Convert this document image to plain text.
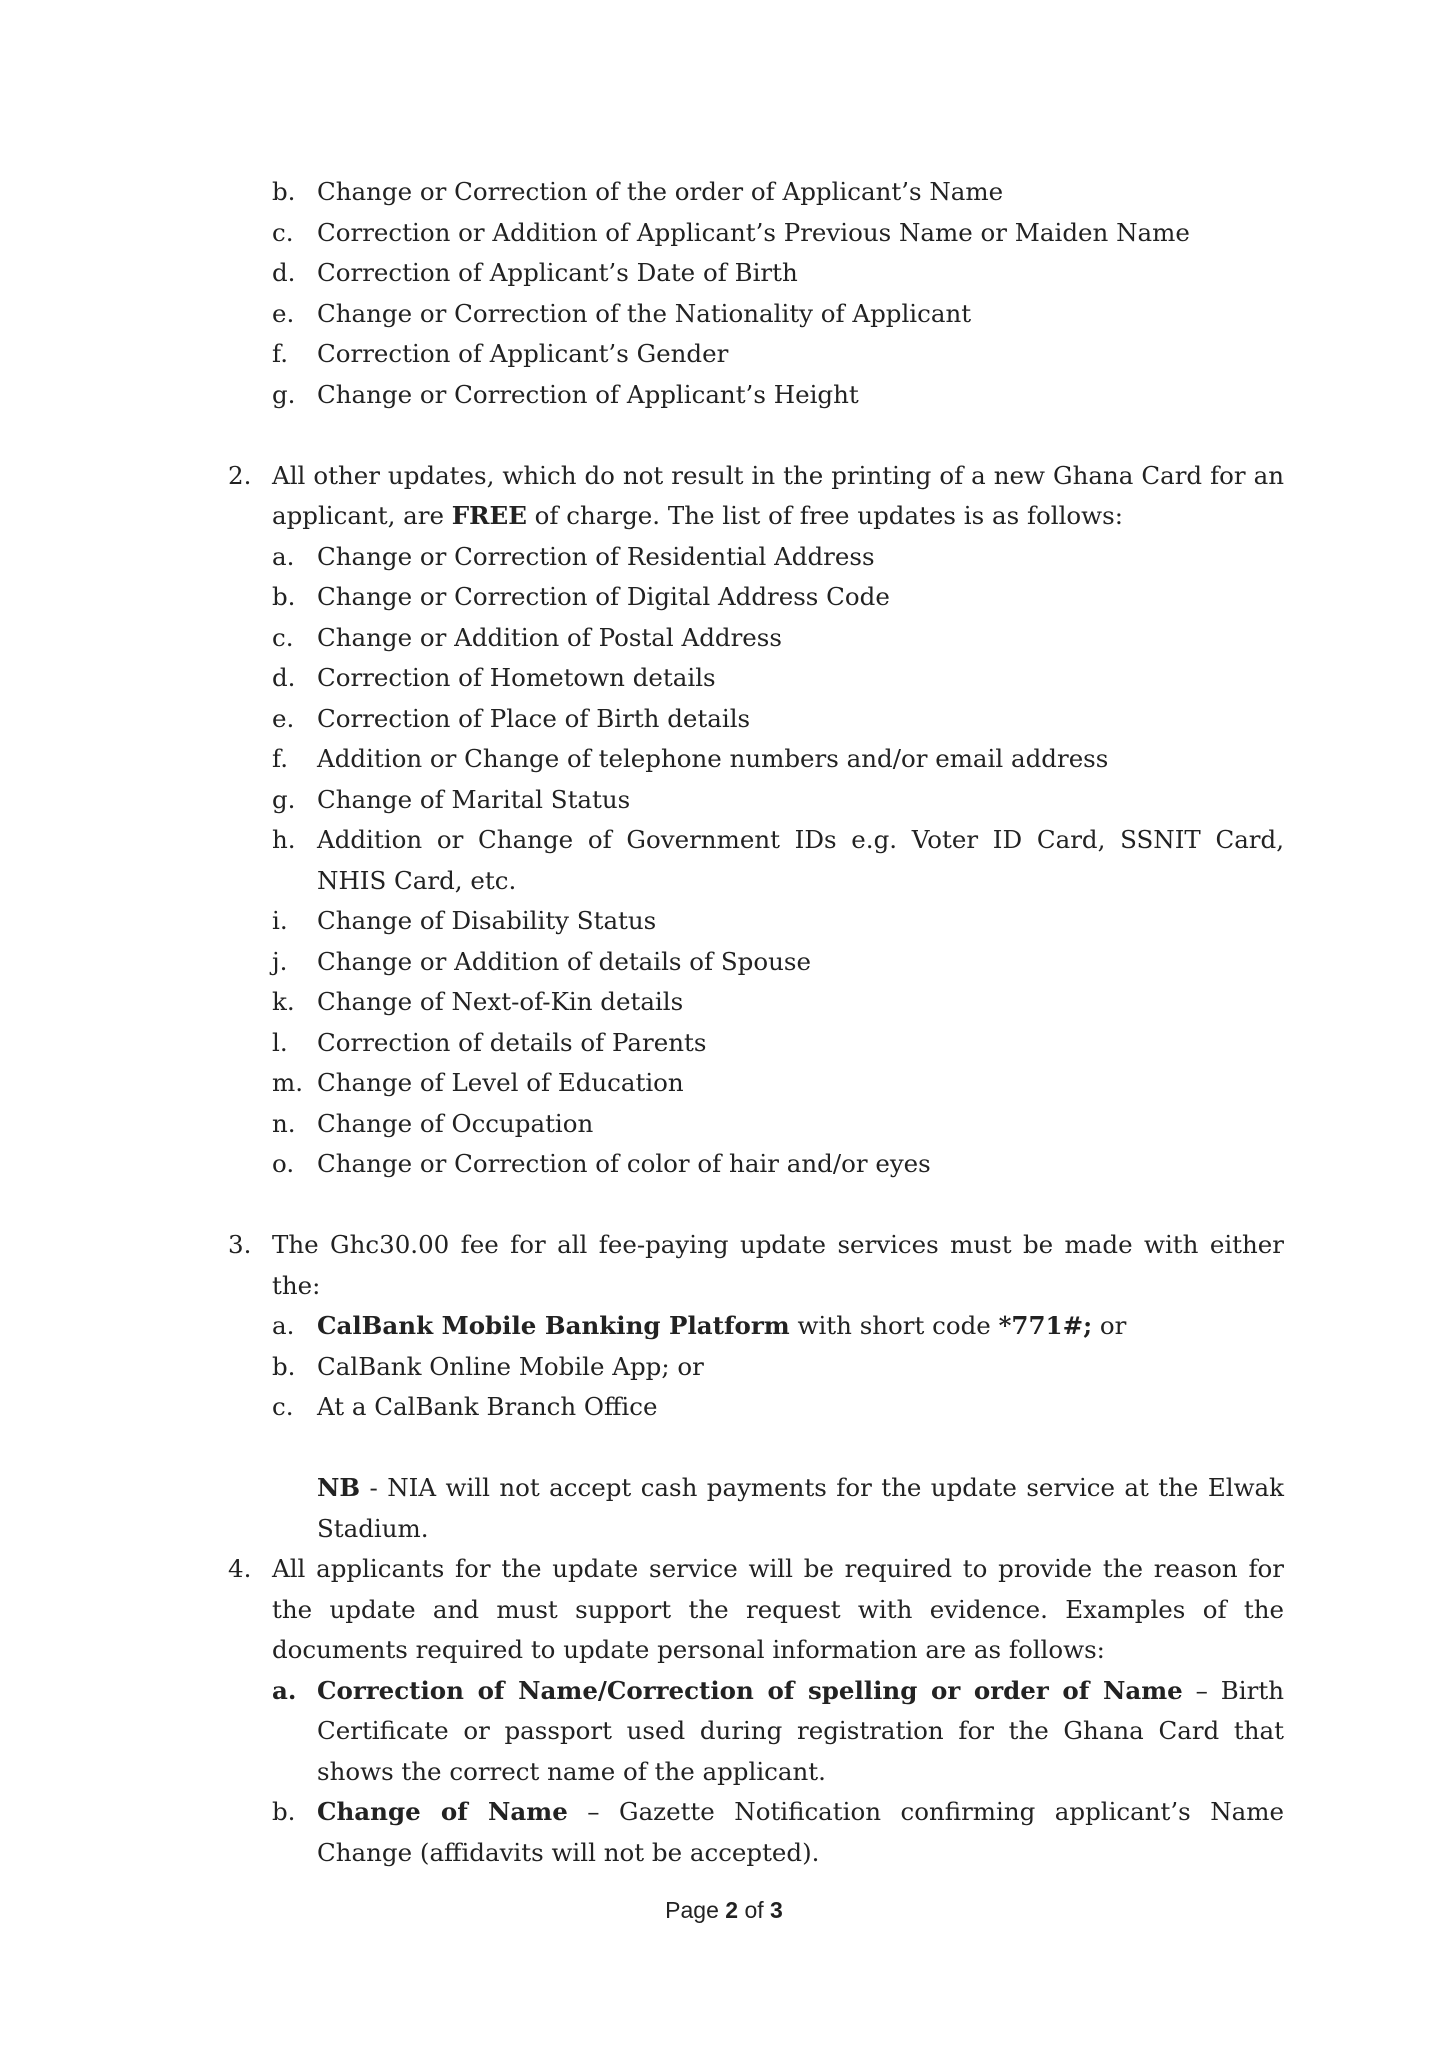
b. Change or Correction of the order of Applicant’s Name
c. Correction or Addition of Applicant’s Previous Name or Maiden Name
d. Correction of Applicant’s Date of Birth
e. Change or Correction of the Nationality of Applicant
f. Correction of Applicant’s Gender
g. Change or Correction of Applicant’s Height
2. All other updates, which do not result in the printing of a new Ghana Card for an applicant, are FREE of charge. The list of free updates is as follows:
a. Change or Correction of Residential Address
b. Change or Correction of Digital Address Code
c. Change or Addition of Postal Address
d. Correction of Hometown details
e. Correction of Place of Birth details
f. Addition or Change of telephone numbers and/or email address
g. Change of Marital Status
h. Addition or Change of Government IDs e.g. Voter ID Card, SSNIT Card, NHIS Card, etc.
i. Change of Disability Status
j. Change or Addition of details of Spouse
k. Change of Next-of-Kin details
l. Correction of details of Parents
m. Change of Level of Education
n. Change of Occupation
o. Change or Correction of color of hair and/or eyes
3. The Ghc30.00 fee for all fee-paying update services must be made with either the:
a. CalBank Mobile Banking Platform with short code *771#; or
b. CalBank Online Mobile App; or
c. At a CalBank Branch Office
NB - NIA will not accept cash payments for the update service at the Elwak Stadium.
4. All applicants for the update service will be required to provide the reason for the update and must support the request with evidence. Examples of the documents required to update personal information are as follows:
a. Correction of Name/Correction of spelling or order of Name – Birth Certificate or passport used during registration for the Ghana Card that shows the correct name of the applicant.
b. Change of Name – Gazette Notification confirming applicant’s Name Change (affidavits will not be accepted).
Page 2 of 3
